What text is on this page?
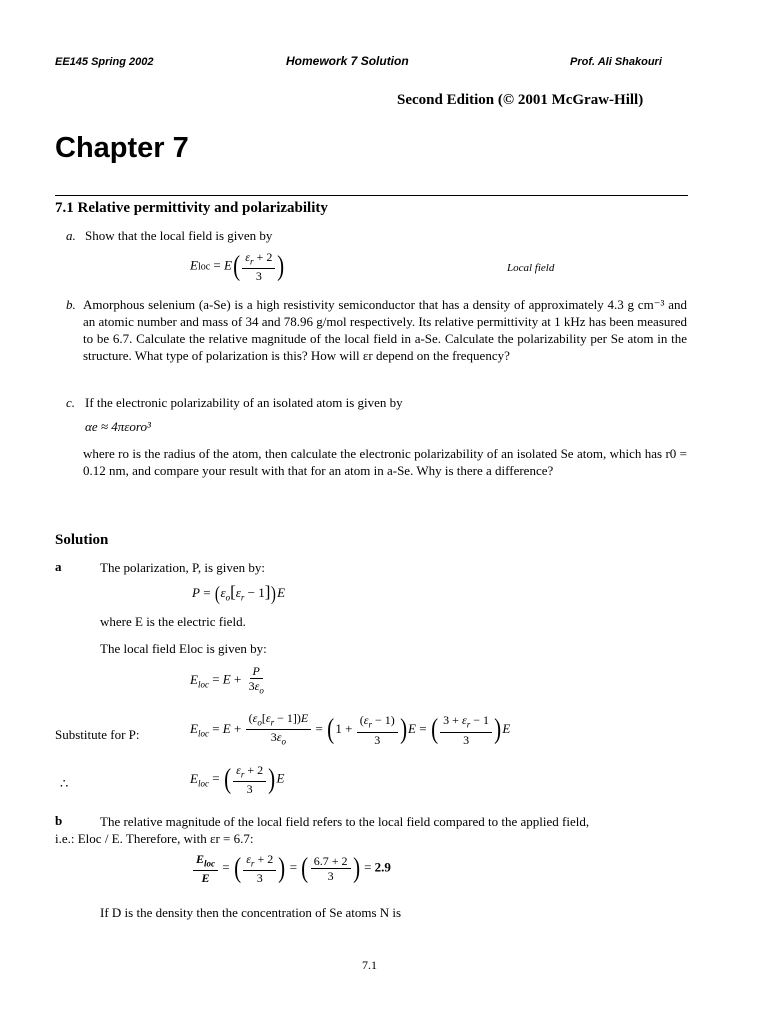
EE145 Spring 2002	Homework 7 Solution	Prof. Ali Shakouri
Second Edition (© 2001 McGraw-Hill)
Chapter 7
7.1 Relative permittivity and polarizability
a. Show that the local field is given by
Eloc = $E( \frac{\varepsilon_r + 2}{3}$ )	Local field
b. Amorphous selenium (a-Se) is a high resistivity semiconductor that has a density of approximately 4.3 g cm⁻³ and an atomic number and mass of 34 and 78.96 g/mol respectively. Its relative permittivity at 1 kHz has been measured to be 6.7. Calculate the relative magnitude of the local field in a-Se. Calculate the polarizability per Se atom in the structure. What type of polarization is this? How will εr depend on the frequency?
c. If the electronic polarizability of an isolated atom is given by
αe ≈ 4πεoro³
where ro is the radius of the atom, then calculate the electronic polarizability of an isolated Se atom, which has r0 = 0.12 nm, and compare your result with that for an atom in a-Se. Why is there a difference?
Solution
a	The polarization, P, is given by:
$P = (\varepsilon_o[\varepsilon_r - 1])E$
where E is the electric field.
The local field Eloc is given by:
$E_{loc} = E + \frac{P}{3\varepsilon_o}$
Substitute for P:	$E_{loc} = E + \frac{(\varepsilon_o[\varepsilon_r - 1])E}{3\varepsilon_o} = (1 + \frac{(\varepsilon_r - 1)}{3} )E$ = ( $\frac{3 + \varepsilon_r - 1}{3} )E$
∴	$E_{loc}$ = ( $\frac{\varepsilon_r + 2}{3} )E$
b	The relative magnitude of the local field refers to the local field compared to the applied field,
i.e.: Eloc / E. Therefore, with εr = 6.7:
$\frac{E_{loc}}{E}$ = ( $\frac{\varepsilon_r + 2}{3}$ ) = ( $\frac{6.7 + 2}{3}$ ) = 2.9
If D is the density then the concentration of Se atoms N is
7.1
